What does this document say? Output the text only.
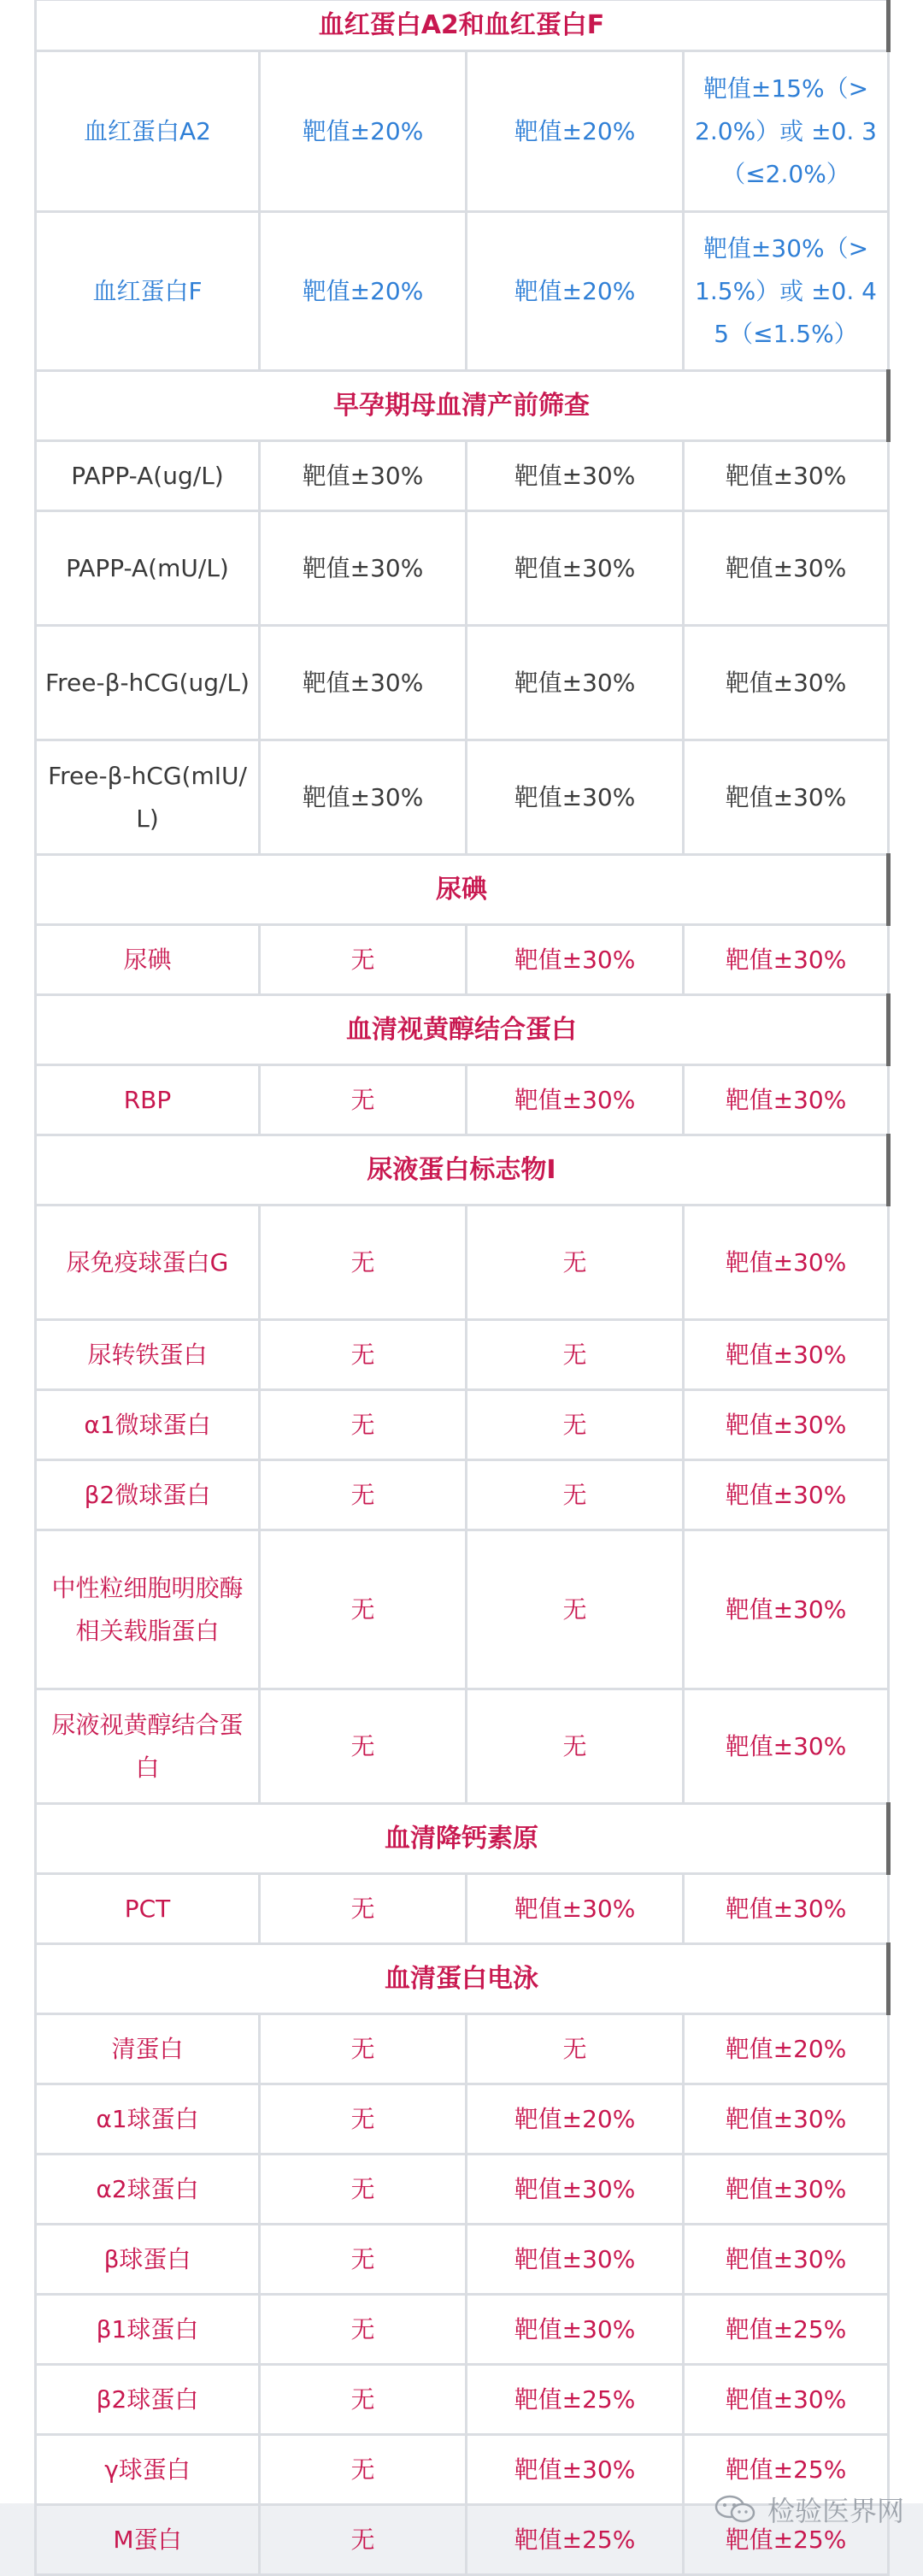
血红蛋白A2和血红蛋白F			
血红蛋白A2	靶值±20%	靶值±20%	靶值±15%（> 2.0%）或 ±0. 3（≤2.0%）
血红蛋白F	靶值±20%	靶值±20%	靶值±30%（> 1.5%）或 ±0. 45（≤1.5%）
早孕期母血清产前筛查			
PAPP-A(ug/L)	靶值±30%	靶值±30%	靶值±30%
PAPP-A(mU/L)	靶值±30%	靶值±30%	靶值±30%
Free-β-hCG(ug/L)	靶值±30%	靶值±30%	靶值±30%
Free-β-hCG(mIU/L)	靶值±30%	靶值±30%	靶值±30%
尿碘			
尿碘	无	靶值±30%	靶值±30%
血清视黄醇结合蛋白			
RBP	无	靶值±30%	靶值±30%
尿液蛋白标志物Ⅰ			
尿免疫球蛋白G	无	无	靶值±30%
尿转铁蛋白	无	无	靶值±30%
α1微球蛋白	无	无	靶值±30%
β2微球蛋白	无	无	靶值±30%
中性粒细胞明胶酶相关载脂蛋白	无	无	靶值±30%
尿液视黄醇结合蛋白	无	无	靶值±30%
血清降钙素原			
PCT	无	靶值±30%	靶值±30%
血清蛋白电泳			
清蛋白	无	无	靶值±20%
α1球蛋白	无	靶值±20%	靶值±30%
α2球蛋白	无	靶值±30%	靶值±30%
β球蛋白	无	靶值±30%	靶值±30%
β1球蛋白	无	靶值±30%	靶值±25%
β2球蛋白	无	靶值±25%	靶值±30%
γ球蛋白	无	靶值±30%	靶值±25%
M蛋白	无	靶值±25%	靶值±25%
检验医界网
